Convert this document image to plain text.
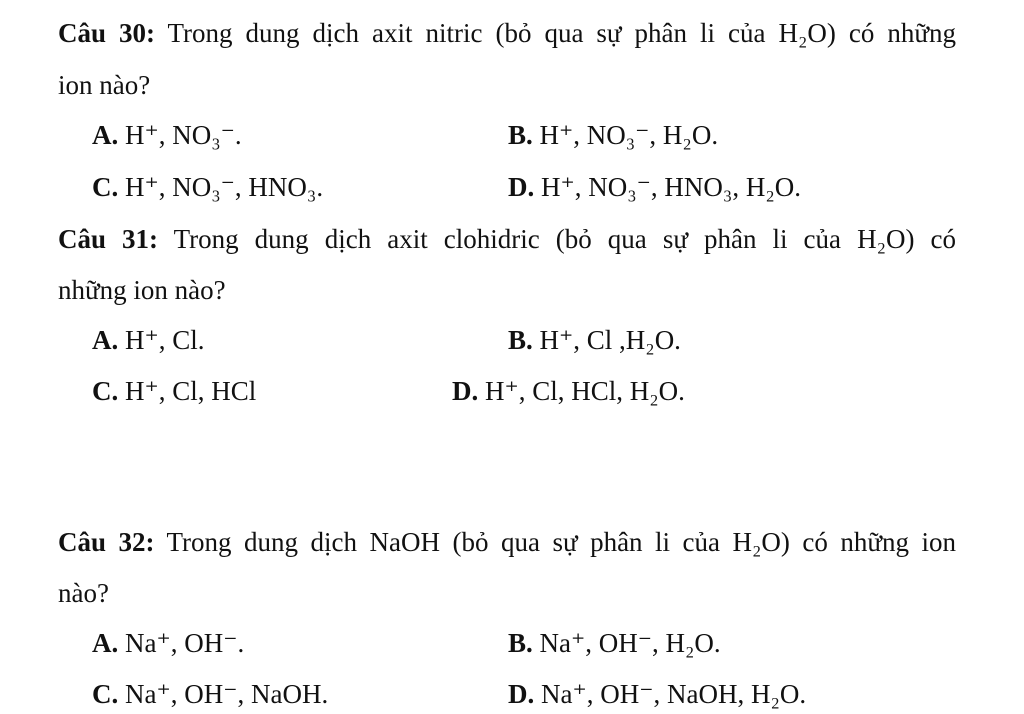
Câu 30: Trong dung dịch axit nitric (bỏ qua sự phân li của H₂O) có những
ion nào?
A. H⁺, NO₃⁻.	B. H⁺, NO₃⁻, H₂O.
C. H⁺, NO₃⁻, HNO₃.	D. H⁺, NO₃⁻, HNO₃, H₂O.
Câu 31: Trong dung dịch axit clohidric (bỏ qua sự phân li của H₂O) có
những ion nào?
A. H⁺, Cl.	B. H⁺, Cl ,H₂O.
C. H⁺, Cl, HCl	D. H⁺, Cl, HCl, H₂O.
Câu 32: Trong dung dịch NaOH (bỏ qua sự phân li của H₂O) có những ion
nào?
A. Na⁺, OH⁻.	B. Na⁺, OH⁻, H₂O.
C. Na⁺, OH⁻, NaOH.	D. Na⁺, OH⁻, NaOH, H₂O.
